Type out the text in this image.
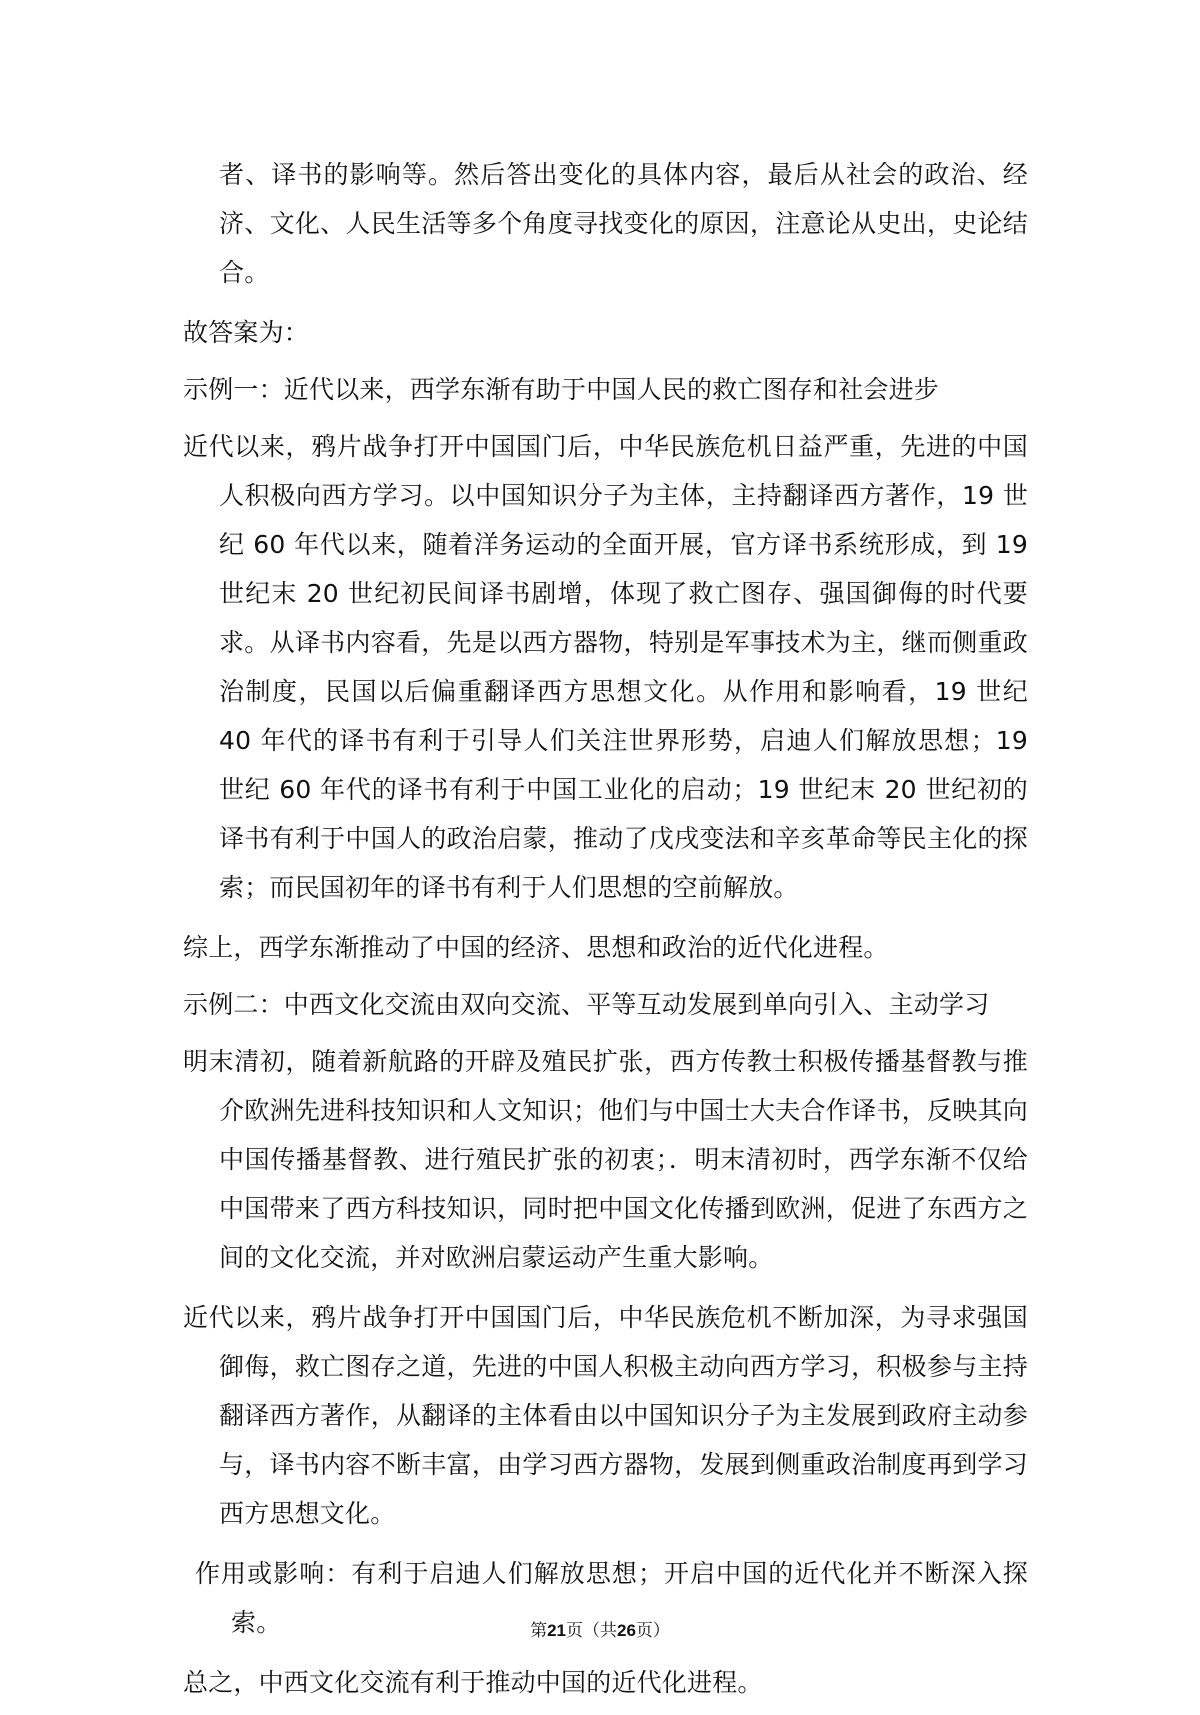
者、译书的影响等。然后答出变化的具体内容，最后从社会的政治、经济、文化、人民生活等多个角度寻找变化的原因，注意论从史出，史论结合。

故答案为：

示例一：近代以来，西学东渐有助于中国人民的救亡图存和社会进步

近代以来，鸦片战争打开中国国门后，中华民族危机日益严重，先进的中国人积极向西方学习。以中国知识分子为主体，主持翻译西方著作，19 世纪 60 年代以来，随着洋务运动的全面开展，官方译书系统形成，到 19 世纪末 20 世纪初民间译书剧增，体现了救亡图存、强国御侮的时代要求。从译书内容看，先是以西方器物，特别是军事技术为主，继而侧重政治制度，民国以后偏重翻译西方思想文化。从作用和影响看，19 世纪 40 年代的译书有利于引导人们关注世界形势，启迪人们解放思想；19 世纪 60 年代的译书有利于中国工业化的启动；19 世纪末 20 世纪初的译书有利于中国人的政治启蒙，推动了戊戌变法和辛亥革命等民主化的探索；而民国初年的译书有利于人们思想的空前解放。

综上，西学东渐推动了中国的经济、思想和政治的近代化进程。

示例二：中西文化交流由双向交流、平等互动发展到单向引入、主动学习

明末清初，随着新航路的开辟及殖民扩张，西方传教士积极传播基督教与推介欧洲先进科技知识和人文知识；他们与中国士大夫合作译书，反映其向中国传播基督教、进行殖民扩张的初衷；．明末清初时，西学东渐不仅给中国带来了西方科技知识，同时把中国文化传播到欧洲，促进了东西方之间的文化交流，并对欧洲启蒙运动产生重大影响。

近代以来，鸦片战争打开中国国门后，中华民族危机不断加深，为寻求强国御侮，救亡图存之道，先进的中国人积极主动向西方学习，积极参与主持翻译西方著作，从翻译的主体看由以中国知识分子为主发展到政府主动参与，译书内容不断丰富，由学习西方器物，发展到侧重政治制度再到学习西方思想文化。

作用或影响：有利于启迪人们解放思想；开启中国的近代化并不断深入探索。

总之，中西文化交流有利于推动中国的近代化进程。

第21页（共26页）
